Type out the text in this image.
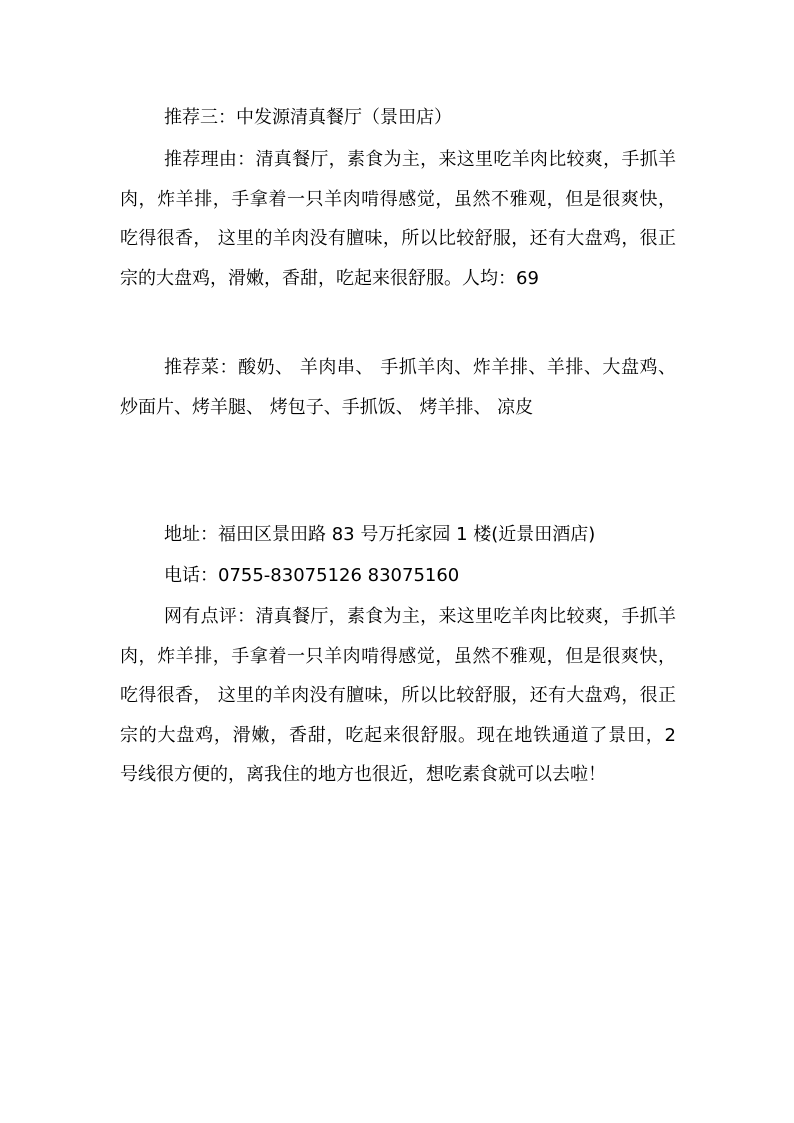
推荐三：中发源清真餐厅（景田店）

推荐理由：清真餐厅，素食为主，来这里吃羊肉比较爽，手抓羊肉，炸羊排，手拿着一只羊肉啃得感觉，虽然不雅观，但是很爽快，吃得很香， 这里的羊肉没有膻味，所以比较舒服，还有大盘鸡，很正宗的大盘鸡，滑嫩，香甜，吃起来很舒服。人均：69

推荐菜：酸奶、 羊肉串、 手抓羊肉、炸羊排、羊排、大盘鸡、炒面片、烤羊腿、 烤包子、手抓饭、 烤羊排、 凉皮

地址：福田区景田路 83 号万托家园 1 楼(近景田酒店)

电话：0755-83075126 83075160

网有点评：清真餐厅，素食为主，来这里吃羊肉比较爽，手抓羊肉，炸羊排，手拿着一只羊肉啃得感觉，虽然不雅观，但是很爽快，吃得很香， 这里的羊肉没有膻味，所以比较舒服，还有大盘鸡，很正宗的大盘鸡，滑嫩，香甜，吃起来很舒服。现在地铁通道了景田，2 号线很方便的，离我住的地方也很近，想吃素食就可以去啦！
